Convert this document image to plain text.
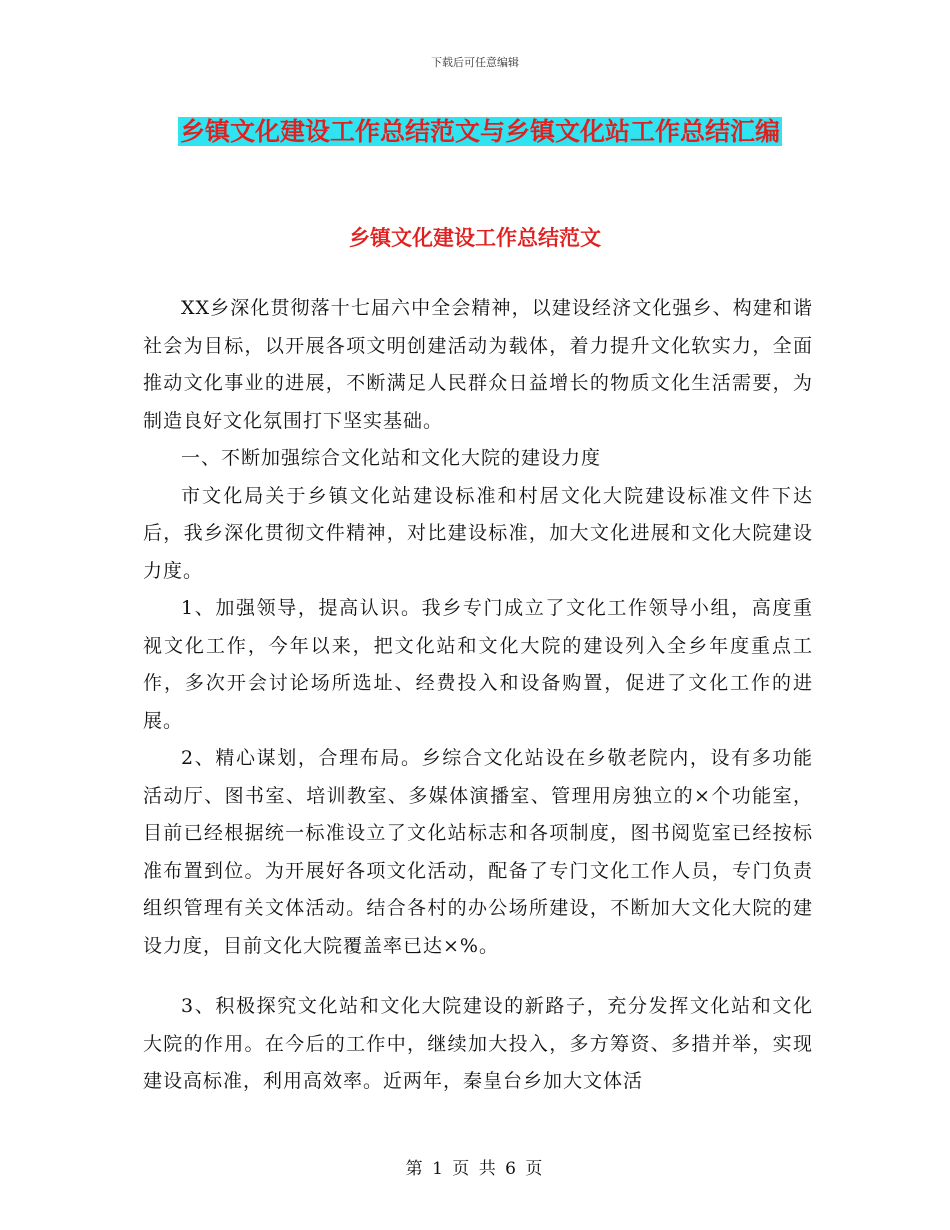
下载后可任意编辑
乡镇文化建设工作总结范文与乡镇文化站工作总结汇编
乡镇文化建设工作总结范文

XX乡深化贯彻落十七届六中全会精神，以建设经济文化强乡、构建和谐社会为目标，以开展各项文明创建活动为载体，着力提升文化软实力，全面推动文化事业的进展，不断满足人民群众日益增长的物质文化生活需要，为制造良好文化氛围打下坚实基础。

一、不断加强综合文化站和文化大院的建设力度

市文化局关于乡镇文化站建设标准和村居文化大院建设标准文件下达后，我乡深化贯彻文件精神，对比建设标准，加大文化进展和文化大院建设力度。

1、加强领导，提高认识。我乡专门成立了文化工作领导小组，高度重视文化工作，今年以来，把文化站和文化大院的建设列入全乡年度重点工作，多次开会讨论场所选址、经费投入和设备购置，促进了文化工作的进展。

2、精心谋划，合理布局。乡综合文化站设在乡敬老院内，设有多功能活动厅、图书室、培训教室、多媒体演播室、管理用房独立的×个功能室，目前已经根据统一标准设立了文化站标志和各项制度，图书阅览室已经按标准布置到位。为开展好各项文化活动，配备了专门文化工作人员，专门负责组织管理有关文体活动。结合各村的办公场所建设，不断加大文化大院的建设力度，目前文化大院覆盖率已达×%。

3、积极探究文化站和文化大院建设的新路子，充分发挥文化站和文化大院的作用。在今后的工作中，继续加大投入，多方筹资、多措并举，实现建设高标准，利用高效率。近两年，秦皇台乡加大文体活

第 1 页 共 6 页
